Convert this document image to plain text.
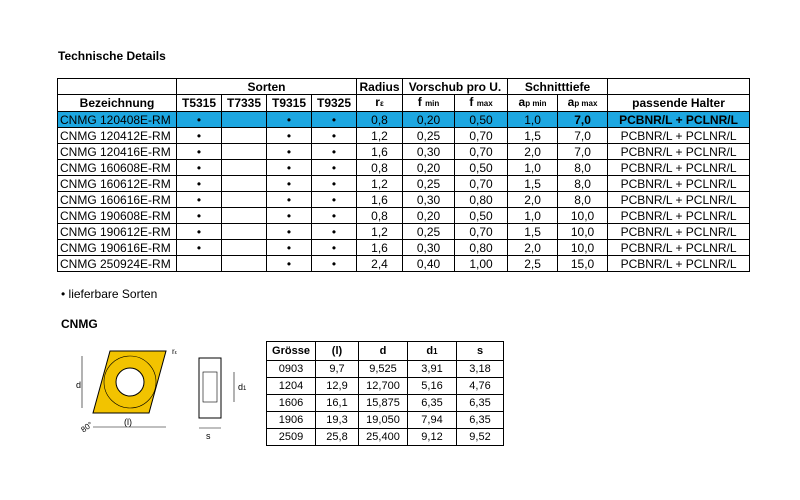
Technische Details
	Sorten				Radius	Vorschub pro U.		Schnitttiefe		
Bezeichnung	T5315	T7335	T9315	T9325	rε	f min	f max	ap min	ap max	passende Halter
CNMG 120408E-RM	•		•	•	0,8	0,20	0,50	1,0	7,0	PCBNR/L + PCLNR/L
CNMG 120412E-RM	•		•	•	1,2	0,25	0,70	1,5	7,0	PCBNR/L + PCLNR/L
CNMG 120416E-RM	•		•	•	1,6	0,30	0,70	2,0	7,0	PCBNR/L + PCLNR/L
CNMG 160608E-RM	•		•	•	0,8	0,20	0,50	1,0	8,0	PCBNR/L + PCLNR/L
CNMG 160612E-RM	•		•	•	1,2	0,25	0,70	1,5	8,0	PCBNR/L + PCLNR/L
CNMG 160616E-RM	•		•	•	1,6	0,30	0,80	2,0	8,0	PCBNR/L + PCLNR/L
CNMG 190608E-RM	•		•	•	0,8	0,20	0,50	1,0	10,0	PCBNR/L + PCLNR/L
CNMG 190612E-RM	•		•	•	1,2	0,25	0,70	1,5	10,0	PCBNR/L + PCLNR/L
CNMG 190616E-RM	•		•	•	1,6	0,30	0,80	2,0	10,0	PCBNR/L + PCLNR/L
CNMG 250924E-RM			•	•	2,4	0,40	1,00	2,5	15,0	PCBNR/L + PCLNR/L
• lieferbare Sorten
CNMG
d
(l)
80°
rε
d1
s
Grösse	(l)	d	d1	s
0903	9,7	9,525	3,91	3,18
1204	12,9	12,700	5,16	4,76
1606	16,1	15,875	6,35	6,35
1906	19,3	19,050	7,94	6,35
2509	25,8	25,400	9,12	9,52
